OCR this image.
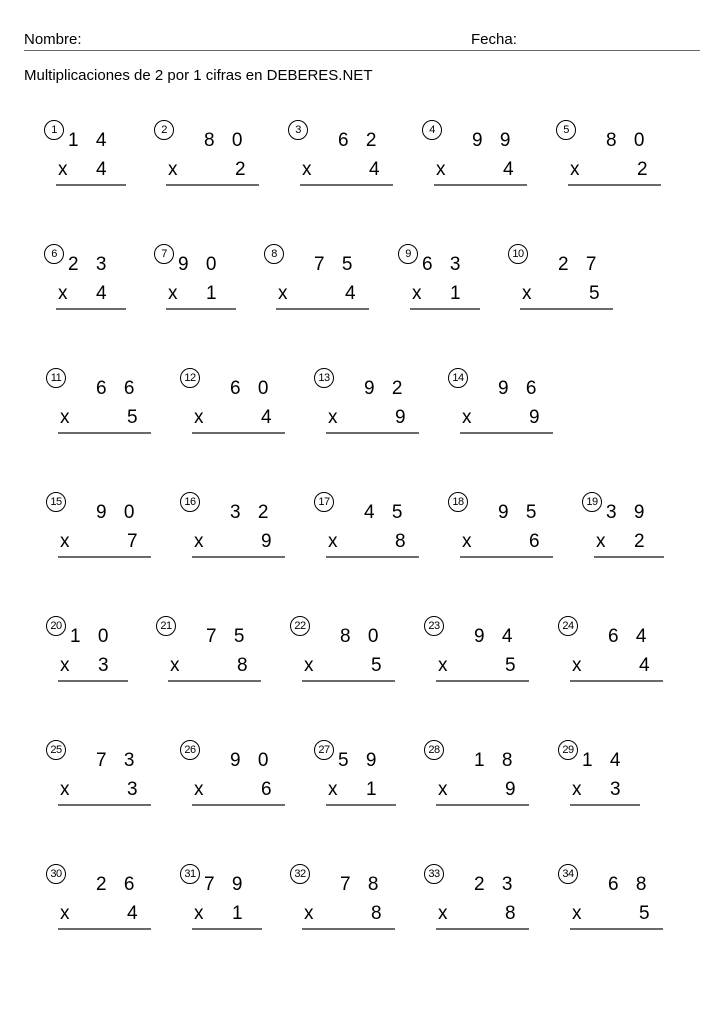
Nombre:	Fecha:
Multiplicaciones de 2 por 1 cifras en DEBERES.NET
1 1 4
x 4
2	8 0
x	2
3	6 2
x	4
4	9 9
x	4
5	8 0
x	2
6 2 3
x 4
7 9 0
x 1
8	7 5
x	4
9 6 3
x 1
10 2 7
x	5
11 6 6
x	5
12 6 0
x	4
13 9 2
x	9
14 9 6
x	9
15 9 0
x	7
16 3 2
x	9
17 4 5
x	8
18 9 5
x	6
19 3 9
x 2
20 1 0
x 3
21 7 5
x	8
22 8 0
x	5
23 9 4
x	5
24 6 4
x	4
25 7 3
x	3
26 9 0
x	6
27 5 9
x 1
28 1 8
x	9
29 1 4
x 3
30 2 6
x	4
31 7 9
x 1
32 7 8
x	8
33 2 3
x	8
34 6 8
x	5
